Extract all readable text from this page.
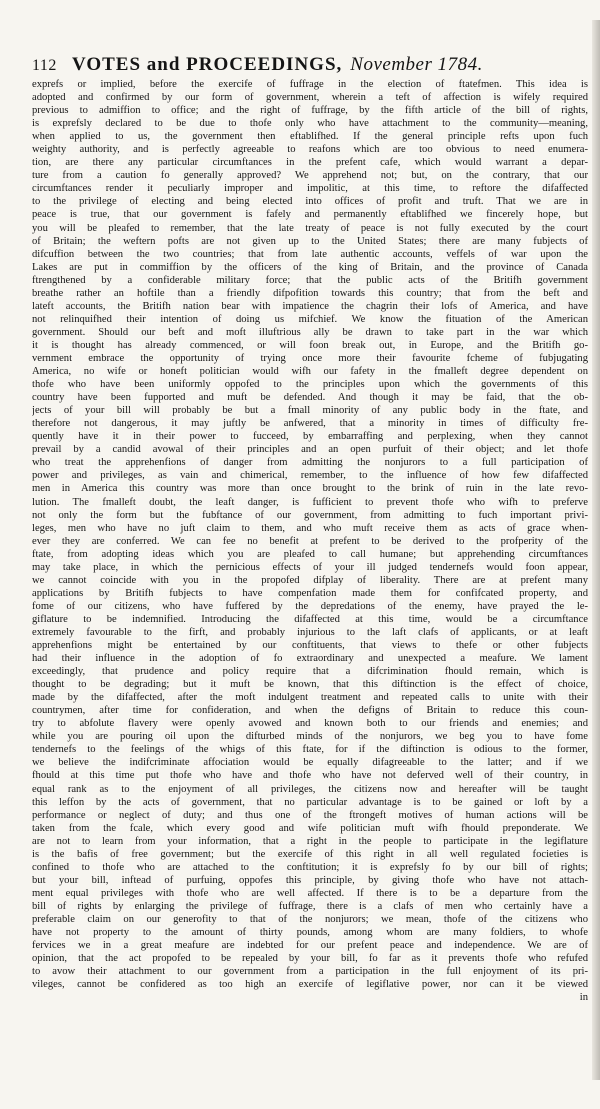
112 VOTES and PROCEEDINGS, November 1784.
exprefs or implied, before the exercife of fuffrage in the election of ftatefmen. This idea is
adopted and confirmed by our form of government, wherein a teft of affection is wifely required
previous to admiffion to office; and the right of fuffrage, by the fifth article of the bill of rights,
is exprefsly declared to be due to thofe only who have attachment to the community—meaning,
when applied to us, the government then eftablifhed. If the general principle refts upon fuch
weighty authority, and is perfectly agreeable to reafons which are too obvious to need enumera-
tion, are there any particular circumftances in the prefent cafe, which would warrant a depar-
ture from a caution fo generally approved? We apprehend not; but, on the contrary, that our
circumftances render it peculiarly improper and impolitic, at this time, to reftore the difaffected
to the privilege of electing and being elected into offices of profit and truft. That we are in
peace is true, that our government is fafely and permanently eftablifhed we fincerely hope, but
you will be pleafed to remember, that the late treaty of peace is not fully executed by the court
of Britain; the weftern pofts are not given up to the United States; there are many fubjects of
difcuffion between the two countries; that from late authentic accounts, veffels of war upon the
Lakes are put in commiffion by the officers of the king of Britain, and the province of Canada
ftrengthened by a confiderable military force; that the public acts of the Britifh government
breathe rather an hoftile than a friendly difpofition towards this country; that from the beft and
lateft accounts, the Britifh nation bear with impatience the chagrin their lofs of America, and have
not relinquifhed their intention of doing us mifchief. We know the fituation of the American
government. Should our beft and moft illuftrious ally be drawn to take part in the war which
it is thought has already commenced, or will foon break out, in Europe, and the Britifh go-
vernment embrace the opportunity of trying once more their favourite fcheme of fubjugating
America, no wife or honeft politician would wifh our fafety in the fmalleft degree dependent on
thofe who have been uniformly oppofed to the principles upon which the governments of this
country have been fupported and muft be defended. And though it may be faid, that the ob-
jects of your bill will probably be but a fmall minority of any public body in the ftate, and
therefore not dangerous, it may juftly be anfwered, that a minority in times of difficulty fre-
quently have it in their power to fucceed, by embarraffing and perplexing, when they cannot
prevail by a candid avowal of their principles and an open purfuit of their object; and let thofe
who treat the apprehenfions of danger from admitting the nonjurors to a full participation of
power and privileges, as vain and chimerical, remember, to the influence of how few difaffected
men in America this country was more than once brought to the brink of ruin in the late revo-
lution. The fmalleft doubt, the leaft danger, is fufficient to prevent thofe who wifh to preferve
not only the form but the fubftance of our government, from admitting to fuch important privi-
leges, men who have no juft claim to them, and who muft receive them as acts of grace when-
ever they are conferred. We can fee no benefit at prefent to be derived to the profperity of the
ftate, from adopting ideas which you are pleafed to call humane; but apprehending circumftances
may take place, in which the pernicious effects of your ill judged tendernefs would foon appear,
we cannot coincide with you in the propofed difplay of liberality. There are at prefent many
applications by Britifh fubjects to have compenfation made them for confifcated property, and
fome of our citizens, who have fuffered by the depredations of the enemy, have prayed the le-
giflature to be indemnified. Introducing the difaffected at this time, would be a circumftance
extremely favourable to the firft, and probably injurious to the laft clafs of applicants, or at leaft
apprehenfions might be entertained by our conftituents, that views to thefe or other fubjects
had their influence in the adoption of fo extraordinary and unexpected a meafure. We lament
exceedingly, that prudence and policy require that a difcrimination fhould remain, which is
thought to be degrading; but it muft be known, that this diftinction is the effect of choice,
made by the difaffected, after the moft indulgent treatment and repeated calls to unite with their
countrymen, after time for confideration, and when the defigns of Britain to reduce this coun-
try to abfolute flavery were openly avowed and known both to our friends and enemies; and
while you are pouring oil upon the difturbed minds of the nonjurors, we beg you to have fome
tendernefs to the feelings of the whigs of this ftate, for if the diftinction is odious to the former,
we believe the indifcriminate affociation would be equally difagreeable to the latter; and if we
fhould at this time put thofe who have and thofe who have not deferved well of their country, in
equal rank as to the enjoyment of all privileges, the citizens now and hereafter will be taught
this leffon by the acts of government, that no particular advantage is to be gained or loft by a
performance or neglect of duty; and thus one of the ftrongeft motives of human actions will be
taken from the fcale, which every good and wife politician muft wifh fhould preponderate. We
are not to learn from your information, that a right in the people to participate in the legiflature
is the bafis of free government; but the exercife of this right in all well regulated focieties is
confined to thofe who are attached to the conftitution; it is exprefsly fo by our bill of rights;
but your bill, inftead of purfuing, oppofes this principle, by giving thofe who have not attach-
ment equal privileges with thofe who are well affected. If there is to be a departure from the
bill of rights by enlarging the privilege of fuffrage, there is a clafs of men who certainly have a
preferable claim on our generofity to that of the nonjurors; we mean, thofe of the citizens who
have not property to the amount of thirty pounds, among whom are many foldiers, to whofe
fervices we in a great meafure are indebted for our prefent peace and independence. We are of
opinion, that the act propofed to be repealed by your bill, fo far as it prevents thofe who refufed
to avow their attachment to our government from a participation in the full enjoyment of its pri-
vileges, cannot be confidered as too high an exercife of legiflative power, nor can it be viewed
in
